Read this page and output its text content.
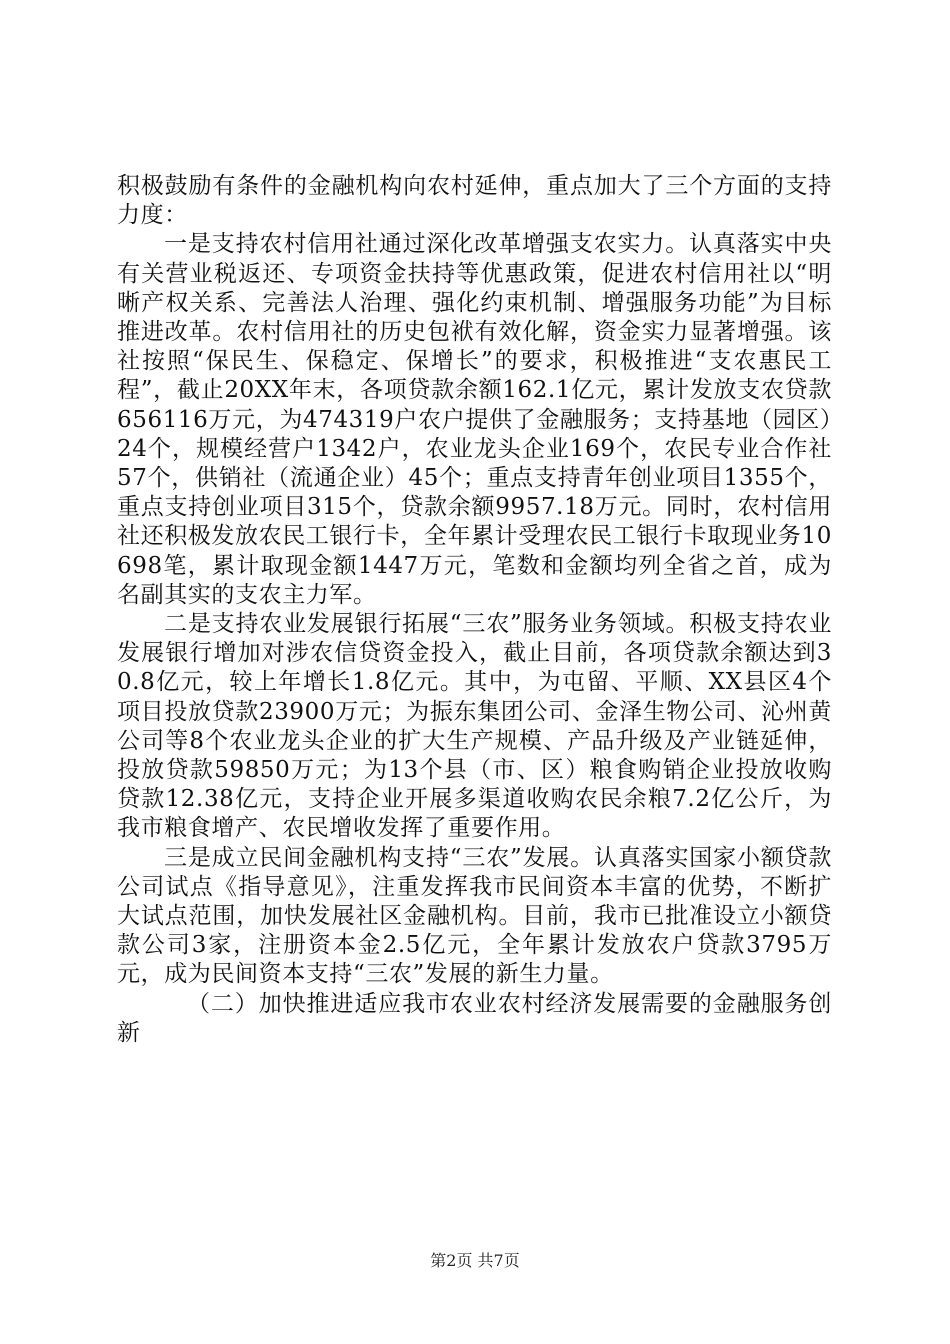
积极鼓励有条件的金融机构向农村延伸，重点加大了三个方面的支持力度：

一是支持农村信用社通过深化改革增强支农实力。认真落实中央有关营业税返还、专项资金扶持等优惠政策，促进农村信用社以“明晰产权关系、完善法人治理、强化约束机制、增强服务功能”为目标推进改革。农村信用社的历史包袱有效化解，资金实力显著增强。该社按照“保民生、保稳定、保增长”的要求，积极推进“支农惠民工程”，截止20XX年末，各项贷款余额162.1亿元，累计发放支农贷款656116万元，为474319户农户提供了金融服务；支持基地（园区）24个，规模经营户1342户，农业龙头企业169个，农民专业合作社57个，供销社（流通企业）45个；重点支持青年创业项目1355个，重点支持创业项目315个，贷款余额9957.18万元。同时，农村信用社还积极发放农民工银行卡，全年累计受理农民工银行卡取现业务10698笔，累计取现金额1447万元，笔数和金额均列全省之首，成为名副其实的支农主力军。

二是支持农业发展银行拓展“三农”服务业务领域。积极支持农业发展银行增加对涉农信贷资金投入，截止目前，各项贷款余额达到30.8亿元，较上年增长1.8亿元。其中，为屯留、平顺、XX县区4个项目投放贷款23900万元；为振东集团公司、金泽生物公司、沁州黄公司等8个农业龙头企业的扩大生产规模、产品升级及产业链延伸，投放贷款59850万元；为13个县（市、区）粮食购销企业投放收购贷款12.38亿元，支持企业开展多渠道收购农民余粮7.2亿公斤，为我市粮食增产、农民增收发挥了重要作用。

三是成立民间金融机构支持“三农”发展。认真落实国家小额贷款公司试点《指导意见》，注重发挥我市民间资本丰富的优势，不断扩大试点范围，加快发展社区金融机构。目前，我市已批准设立小额贷款公司3家，注册资本金2.5亿元，全年累计发放农户贷款3795万元，成为民间资本支持“三农”发展的新生力量。

（二）加快推进适应我市农业农村经济发展需要的金融服务创新

第2页 共7页
